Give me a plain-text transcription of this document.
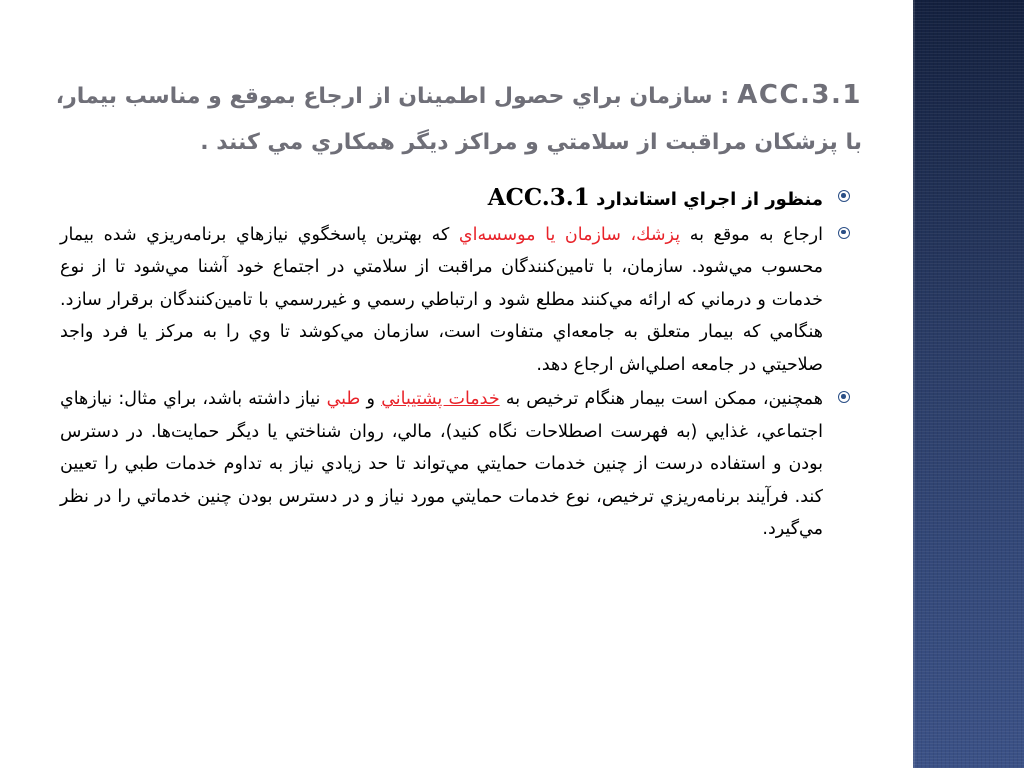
ACC.3.1 : سازمان براي حصول اطمينان از ارجاع بموقع و مناسب بيمار، با پزشكان مراقبت از سلامتي و مراكز ديگر همكاري مي كنند .
منظور از اجراي استاندارد ACC.3.1
ارجاع به موقع به پزشك، سازمان يا موسسه‌اي كه بهترين پاسخگوي نيازهاي برنامه‌ريزي شده بيمار محسوب مي‌شود. سازمان، با تامين‌كنندگان مراقبت از سلامتي در اجتماع خود آشنا مي‌شود تا از نوع خدمات و درماني كه ارائه مي‌كنند مطلع شود و ارتباطي رسمي و غيررسمي با تامين‌كنندگان برقرار سازد. هنگامي كه بيمار متعلق به جامعه‌اي متفاوت است، سازمان مي‌كوشد تا وي را به مركز يا فرد واجد صلاحيتي در جامعه اصلي‌اش ارجاع دهد.
همچنين، ممكن است بيمار هنگام ترخيص به خدمات پشتيباني و طبي نياز داشته باشد، براي مثال: نيازهاي اجتماعي، غذايي (به فهرست اصطلاحات نگاه كنيد)، مالي، روان شناختي يا ديگر حمايت‌ها. در دسترس بودن و استفاده درست از چنين خدمات حمايتي مي‌تواند تا حد زيادي نياز به تداوم خدمات طبي را تعيين كند. فرآيند برنامه‌ريزي ترخيص، نوع خدمات حمايتي مورد نياز و در دسترس بودن چنين خدماتي را در نظر مي‌گيرد.
